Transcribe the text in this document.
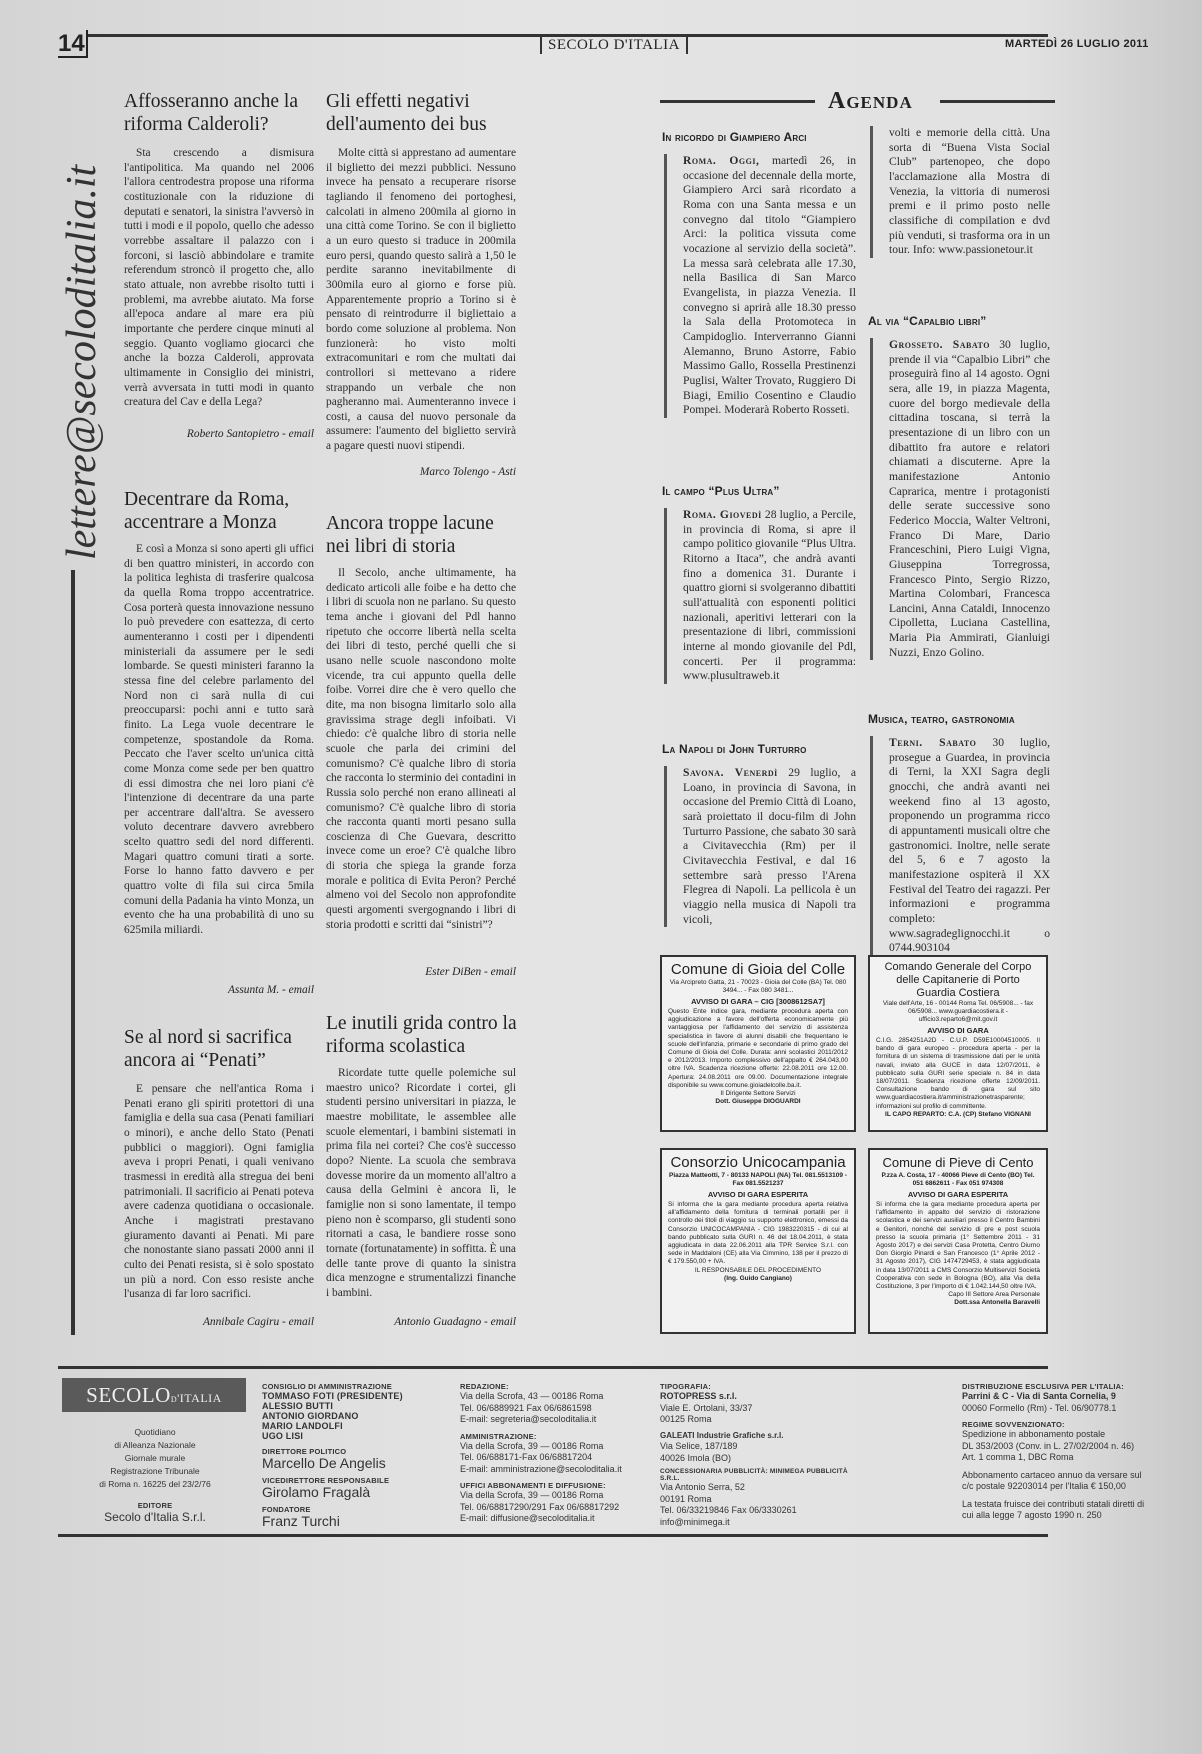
14	SECOLO D'ITALIA	MARTEDÌ 26 LUGLIO 2011
lettere@secoloditalia.it
Affosseranno anche la riforma Calderoli?
Sta crescendo a dismisura l'antipolitica. Ma quando nel 2006 l'allora centrodestra propose una riforma costituzionale con la riduzione di deputati e senatori, la sinistra l'avversò in tutti i modi e il popolo, quello che adesso vorrebbe assaltare il palazzo con i forconi, si lasciò abbindolare e tramite referendum stroncò il progetto che, allo stato attuale, non avrebbe risolto tutti i problemi, ma avrebbe aiutato. Ma forse all'epoca andare al mare era più importante che perdere cinque minuti al seggio. Quanto vogliamo giocarci che anche la bozza Calderoli, approvata ultimamente in Consiglio dei ministri, verrà avversata in tutti modi in quanto creatura del Cav e della Lega?
Roberto Santopietro - email
Decentrare da Roma, accentrare a Monza
E così a Monza si sono aperti gli uffici di ben quattro ministeri, in accordo con la politica leghista di trasferire qualcosa da quella Roma troppo accentratrice. Cosa porterà questa innovazione nessuno lo può prevedere con esattezza, di certo aumenteranno i costi per i dipendenti ministeriali da assumere per le sedi lombarde. Se questi ministeri faranno la stessa fine del celebre parlamento del Nord non ci sarà nulla di cui preoccuparsi: pochi anni e tutto sarà finito. La Lega vuole decentrare le competenze, spostandole da Roma. Peccato che l'aver scelto un'unica città come Monza come sede per ben quattro di essi dimostra che nei loro piani c'è l'intenzione di decentrare da una parte per accentrare dall'altra. Se avessero voluto decentrare davvero avrebbero scelto quattro sedi del nord differenti. Magari quattro comuni tirati a sorte. Forse lo hanno fatto davvero e per quattro volte di fila sui circa 5mila comuni della Padania ha vinto Monza, un evento che ha una probabilità di uno su 625mila miliardi.
Assunta M. - email
Se al nord si sacrifica ancora ai “Penati”
E pensare che nell'antica Roma i Penati erano gli spiriti protettori di una famiglia e della sua casa (Penati familiari o minori), e anche dello Stato (Penati pubblici o maggiori). Ogni famiglia aveva i propri Penati, i quali venivano trasmessi in eredità alla stregua dei beni patrimoniali. Il sacrificio ai Penati poteva avere cadenza quotidiana o occasionale. Anche i magistrati prestavano giuramento davanti ai Penati. Mi pare che nonostante siano passati 2000 anni il culto dei Penati resista, si è solo spostato un più a nord. Con esso resiste anche l'usanza di far loro sacrifici.
Annibale Cagiru - email
Gli effetti negativi dell'aumento dei bus
Molte città si apprestano ad aumentare il biglietto dei mezzi pubblici. Nessuno invece ha pensato a recuperare risorse tagliando il fenomeno dei portoghesi, calcolati in almeno 200mila al giorno in una città come Torino. Se con il biglietto a un euro questo si traduce in 200mila euro persi, quando questo salirà a 1,50 le perdite saranno inevitabilmente di 300mila euro al giorno e forse più. Apparentemente proprio a Torino si è pensato di reintrodurre il bigliettaio a bordo come soluzione al problema. Non funzionerà: ho visto molti extracomunitari e rom che multati dai controllori si mettevano a ridere strappando un verbale che non pagheranno mai. Aumenteranno invece i costi, a causa del nuovo personale da assumere: l'aumento del biglietto servirà a pagare questi nuovi stipendi.
Marco Tolengo - Asti
Ancora troppe lacune nei libri di storia
Il Secolo, anche ultimamente, ha dedicato articoli alle foibe e ha detto che i libri di scuola non ne parlano. Su questo tema anche i giovani del Pdl hanno ripetuto che occorre libertà nella scelta dei libri di testo, perché quelli che si usano nelle scuole nascondono molte vicende, tra cui appunto quella delle foibe. Vorrei dire che è vero quello che dite, ma non bisogna limitarlo solo alla gravissima strage degli infoibati. Vi chiedo: c'è qualche libro di storia nelle scuole che parla dei crimini del comunismo? C'è qualche libro di storia che racconta lo sterminio dei contadini in Russia solo perché non erano allineati al comunismo? C'è qualche libro di storia che racconta quanti morti pesano sulla coscienza di Che Guevara, descritto invece come un eroe? C'è qualche libro di storia che spiega la grande forza morale e politica di Evita Peron? Perché almeno voi del Secolo non approfondite questi argomenti svergognando i libri di storia prodotti e scritti dai “sinistri”?
Ester DiBen - email
Le inutili grida contro la riforma scolastica
Ricordate tutte quelle polemiche sul maestro unico? Ricordate i cortei, gli studenti persino universitari in piazza, le maestre mobilitate, le assemblee alle scuole elementari, i bambini sistemati in prima fila nei cortei? Che cos'è successo dopo? Niente. La scuola che sembrava dovesse morire da un momento all'altro a causa della Gelmini è ancora lì, le famiglie non si sono lamentate, il tempo pieno non è scomparso, gli studenti sono ritornati a casa, le bandiere rosse sono tornate (fortunatamente) in soffitta. È una delle tante prove di quanto la sinistra dica menzogne e strumentalizzi finanche i bambini.
Antonio Guadagno - email
Agenda
In ricordo di Giampiero Arci
Roma. Oggi, martedì 26, in occasione del decennale della morte, Giampiero Arci sarà ricordato a Roma con una Santa messa e un convegno dal titolo “Giampiero Arci: la politica vissuta come vocazione al servizio della società”. La messa sarà celebrata alle 17.30, nella Basilica di San Marco Evangelista, in piazza Venezia. Il convegno si aprirà alle 18.30 presso la Sala della Protomoteca in Campidoglio. Interverranno Gianni Alemanno, Bruno Astorre, Fabio Massimo Gallo, Rossella Prestinenzi Puglisi, Walter Trovato, Ruggiero Di Biagi, Emilio Cosentino e Claudio Pompei. Moderarà Roberto Rosseti.
Il campo “Plus Ultra”
Roma. Giovedì 28 luglio, a Percile, in provincia di Roma, si apre il campo politico giovanile “Plus Ultra. Ritorno a Itaca”, che andrà avanti fino a domenica 31. Durante i quattro giorni si svolgeranno dibattiti sull'attualità con esponenti politici nazionali, aperitivi letterari con la presentazione di libri, commissioni interne al mondo giovanile del Pdl, concerti. Per il programma: www.plusultraweb.it
La Napoli di John Turturro
Savona. Venerdì 29 luglio, a Loano, in provincia di Savona, in occasione del Premio Città di Loano, sarà proiettato il docu-film di John Turturro Passione, che sabato 30 sarà a Civitavecchia (Rm) per il Civitavecchia Festival, e dal 16 settembre sarà presso l'Arena Flegrea di Napoli. La pellicola è un viaggio nella musica di Napoli tra vicoli,
volti e memorie della città. Una sorta di “Buena Vista Social Club” partenopeo, che dopo l'acclamazione alla Mostra di Venezia, la vittoria di numerosi premi e il primo posto nelle classifiche di compilation e dvd più venduti, si trasforma ora in un tour. Info: www.passionetour.it
Al via “Capalbio libri”
Grosseto. Sabato 30 luglio, prende il via “Capalbio Libri” che proseguirà fino al 14 agosto. Ogni sera, alle 19, in piazza Magenta, cuore del borgo medievale della cittadina toscana, si terrà la presentazione di un libro con un dibattito fra autore e relatori chiamati a discuterne. Apre la manifestazione Antonio Caprarica, mentre i protagonisti delle serate successive sono Federico Moccia, Walter Veltroni, Franco Di Mare, Dario Franceschini, Piero Luigi Vigna, Giuseppina Torregrossa, Francesco Pinto, Sergio Rizzo, Martina Colombari, Francesca Lancini, Anna Cataldi, Innocenzo Cipolletta, Luciana Castellina, Maria Pia Ammirati, Gianluigi Nuzzi, Enzo Golino.
Musica, teatro, gastronomia
Terni. Sabato 30 luglio, prosegue a Guardea, in provincia di Terni, la XXI Sagra degli gnocchi, che andrà avanti nei weekend fino al 13 agosto, proponendo un programma ricco di appuntamenti musicali oltre che gastronomici. Inoltre, nelle serate del 5, 6 e 7 agosto la manifestazione ospiterà il XX Festival del Teatro dei ragazzi. Per informazioni e programma completo: www.sagradeglignocchi.it o 0744.903104
Comune di Gioia del Colle
Via Arcipreto Gatta, 21 - 70023 - Gioia del Colle (BA) Tel. 080 3494... - Fax 080 3481...
AVVISO DI GARA – CIG [3008612SA7]
Questo Ente indice gara, mediante procedura aperta con aggiudicazione a favore dell'offerta economicamente più vantaggiosa per l'affidamento del servizio di assistenza specialistica in favore di alunni disabili che frequentano le scuole dell'infanzia, primarie e secondarie di primo grado del Comune di Gioia del Colle. Durata: anni scolastici 2011/2012 e 2012/2013. Importo complessivo dell'appalto € 264.043,00 oltre IVA. Scadenza ricezione offerte: 22.08.2011 ore 12.00. Apertura: 24.08.2011 ore 09.00. Documentazione integrale disponibile su www.comune.gioiadelcolle.ba.it.
Il Dirigente Settore Servizi
Dott. Giuseppe DIOGUARDI
Comando Generale del Corpo delle Capitanerie di Porto Guardia Costiera
Viale dell'Arte, 16 - 00144 Roma Tel. 06/5908... - fax 06/5908... www.guardiacostiera.it - ufficio3.reparto6@mit.gov.it
AVVISO DI GARA
C.I.G. 2854251A2D - C.U.P. D59E10004510005. Il bando di gara europeo - procedura aperta - per la fornitura di un sistema di trasmissione dati per le unità navali, inviato alla GUCE in data 12/07/2011, è pubblicato sulla GURI serie speciale n. 84 in data 18/07/2011. Scadenza ricezione offerte 12/09/2011. Consultazione bando di gara sul sito www.guardiacostiera.it/amministrazionetrasparente; informazioni sul profilo di committente.
IL CAPO REPARTO: C.A. (CP) Stefano VIGNANI
Consorzio Unicocampania
Piazza Matteotti, 7 - 80133 NAPOLI (NA) Tel. 081.5513109 - Fax 081.5521237
AVVISO DI GARA ESPERITA
Si informa che la gara mediante procedura aperta relativa all'affidamento della fornitura di terminali portatili per il controllo dei titoli di viaggio su supporto elettronico, emessi da Consorzio UNICOCAMPANIA - CIG 1983220315 - di cui al bando pubblicato sulla GURI n. 46 del 18.04.2011, è stata aggiudicata in data 22.06.2011 alla TPR Service S.r.l. con sede in Maddaloni (CE) alla Via Cimmino, 138 per il prezzo di € 179.550,00 + IVA.
IL RESPONSABILE DEL PROCEDIMENTO
(Ing. Guido Cangiano)
Comune di Pieve di Cento
P.zza A. Costa, 17 - 40066 Pieve di Cento (BO) Tel. 051 6862611 - Fax 051 974308
AVVISO DI GARA ESPERITA
Si informa che la gara mediante procedura aperta per l'affidamento in appalto del servizio di ristorazione scolastica e dei servizi ausiliari presso il Centro Bambini e Genitori, nonché del servizio di pre e post scuola presso la scuola primaria (1° Settembre 2011 - 31 Agosto 2017) e dei servizi Casa Protetta, Centro Diurno Don Giorgio Pinardi e San Francesco (1° Aprile 2012 - 31 Agosto 2017), CIG 1474729453, è stata aggiudicata in data 13/07/2011 a CMS Consorzio Multiservizi Società Cooperativa con sede in Bologna (BO), alla Via della Costituzione, 3 per l'importo di € 1.042.144,50 oltre IVA.
Capo III Settore Area Personale
Dott.ssa Antonella Baravelli
SECOLOd'ITALIA
Quotidiano
di Alleanza Nazionale
Giornale murale
Registrazione Tribunale
di Roma n. 16225 del 23/2/76
EDITORE
Secolo d'Italia S.r.l.
CONSIGLIO DI AMMINISTRAZIONE
TOMMASO FOTI (PRESIDENTE)
ALESSIO BUTTI
ANTONIO GIORDANO
MARIO LANDOLFI
UGO LISI
DIRETTORE POLITICO
Marcello De Angelis
VICEDIRETTORE RESPONSABILE
Girolamo Fragalà
FONDATORE
Franz Turchi
REDAZIONE:
Via della Scrofa, 43 — 00186 Roma
Tel. 06/6889921 Fax 06/6861598
E-mail: segreteria@secoloditalia.it
AMMINISTRAZIONE:
Via della Scrofa, 39 — 00186 Roma
Tel. 06/688171-Fax 06/68817204
E-mail: amministrazione@secoloditalia.it
UFFICI ABBONAMENTI E DIFFUSIONE:
Via della Scrofa, 39 — 00186 Roma
Tel. 06/68817290/291 Fax 06/68817292
E-mail: diffusione@secoloditalia.it
TIPOGRAFIA:
ROTOPRESS s.r.l.
Viale E. Ortolani, 33/37
00125 Roma
GALEATI Industrie Grafiche s.r.l.
Via Selice, 187/189
40026 Imola (BO)
CONCESSIONARIA PUBBLICITÀ: MINIMEGA PUBBLICITÀ S.R.L.
Via Antonio Serra, 52
00191 Roma
Tel. 06/33219846 Fax 06/3330261
info@minimega.it
DISTRIBUZIONE ESCLUSIVA PER L'ITALIA:
Parrini & C - Via di Santa Cornelia, 9
00060 Formello (Rm) - Tel. 06/90778.1
REGIME SOVVENZIONATO:
Spedizione in abbonamento postale
DL 353/2003 (Conv. in L. 27/02/2004 n. 46)
Art. 1 comma 1, DBC Roma
Abbonamento cartaceo annuo da versare sul c/c postale 92203014 per l'Italia € 150,00
La testata fruisce dei contributi statali diretti di cui alla legge 7 agosto 1990 n. 250
